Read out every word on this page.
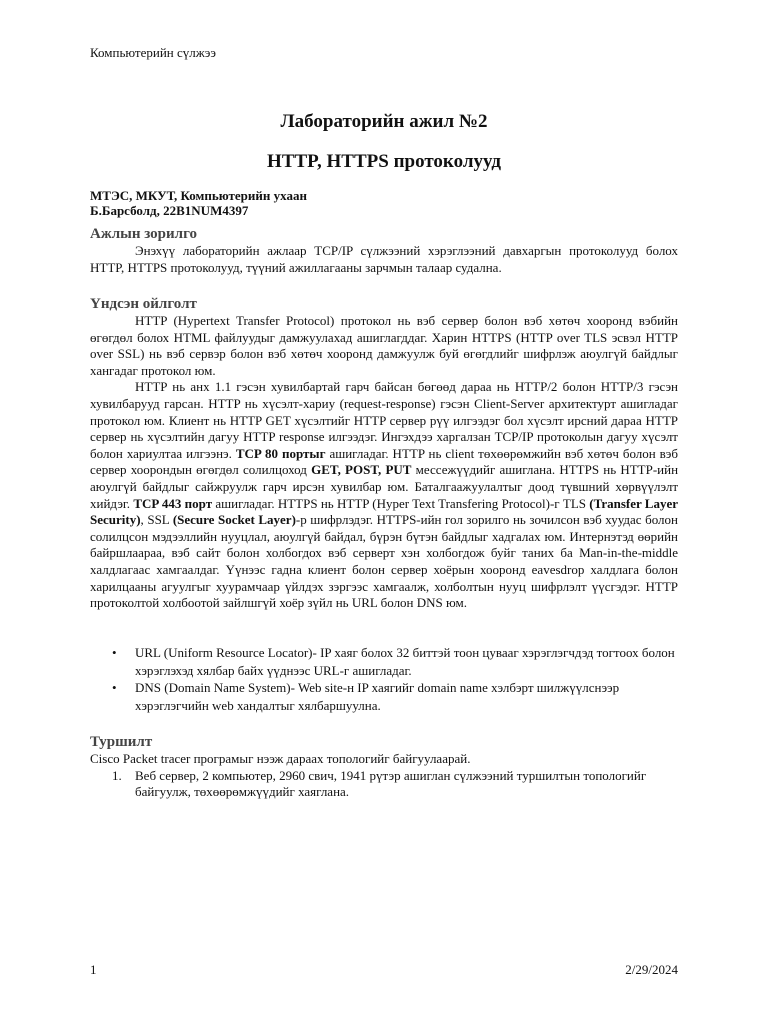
Компьютерийн сүлжээ
Лабораторийн ажил №2
HTTP, HTTPS протоколууд
МТЭС, МКУТ, Компьютерийн ухаан
Б.Барсболд, 22B1NUM4397
Ажлын зорилго

Энэхүү лабораторийн ажлаар TCP/IP сүлжээний хэрэглээний давхаргын протоколууд болох HTTP, HTTPS протоколууд, түүний ажиллагааны зарчмын талаар судална.

Үндсэн ойлголт

HTTP (Hypertext Transfer Protocol) протокол нь вэб сервер болон вэб хөтөч хооронд вэбийн өгөгдөл болох HTML файлуудыг дамжуулахад ашиглагддаг. Харин HTTPS (HTTP over TLS эсвэл HTTP over SSL) нь вэб сервэр болон вэб хөтөч хооронд дамжуулж буй өгөгдлийг шифрлэж аюулгүй байдлыг хангадаг протокол юм.

HTTP нь анх 1.1 гэсэн хувилбартай гарч байсан бөгөөд дараа нь HTTP/2 болон HTTP/3 гэсэн хувилбарууд гарсан. HTTP нь хүсэлт-хариу (request-response) гэсэн Client-Server архитектурт ашигладаг протокол юм. Клиент нь HTTP GET хүсэлтийг HTTP сервер рүү илгээдэг бол хүсэлт ирсний дараа HTTP сервер нь хүсэлтийн дагуу HTTP response илгээдэг. Ингэхдээ харгалзан TCP/IP протоколын дагуу хүсэлт болон хариултаа илгээнэ. TCP 80 портыг ашигладаг. HTTP нь client төхөөрөмжийн вэб хөтөч болон вэб сервер хоорондын өгөгдөл солилцоход GET, POST, PUT мессежүүдийг ашиглана. HTTPS нь HTTP-ийн аюулгүй байдлыг сайжруулж гарч ирсэн хувилбар юм. Баталгаажуулалтыг доод түвшний хөрвүүлэлт хийдэг. TCP 443 порт ашигладаг. HTTPS нь HTTP (Hyper Text Transfering Protocol)-г TLS (Transfer Layer Security), SSL (Secure Socket Layer)-р шифрлэдэг. HTTPS-ийн гол зорилго нь зочилсон вэб хуудас болон солилцсон мэдээллийн нууцлал, аюулгүй байдал, бүрэн бүтэн байдлыг хадгалах юм. Интернэтэд өөрийн байршлаараа, вэб сайт болон холбогдох вэб серверт хэн холбогдож буйг таних ба Man-in-the-middle халдлагаас хамгаалдаг. Үүнээс гадна клиент болон сервер хоёрын хооронд eavesdrop халдлага болон харилцааны агуулгыг хуурамчаар үйлдэх зэргээс хамгаалж, холболтын нууц шифрлэлт үүсгэдэг. HTTP протоколтой холбоотой зайлшгүй хоёр зүйл нь URL болон DNS юм.

• URL (Uniform Resource Locator)- IP хаяг болох 32 биттэй тоон цувааг хэрэглэгчдэд тогтоох болон хэрэглэхэд хялбар байх үүднээс URL-г ашигладаг.
• DNS (Domain Name System)- Web site-н IP хаягийг domain name хэлбэрт шилжүүлснээр хэрэглэгчийн web хандалтыг хялбаршуулна.
Туршилт
Cisco Packet tracer програмыг нээж дараах топологийг байгуулаарай.
1. Веб сервер, 2 компьютер, 2960 свич, 1941 рүтэр ашиглан сүлжээний туршилтын топологийг байгуулж, төхөөрөмжүүдийг хаяглана.
1	2/29/2024
